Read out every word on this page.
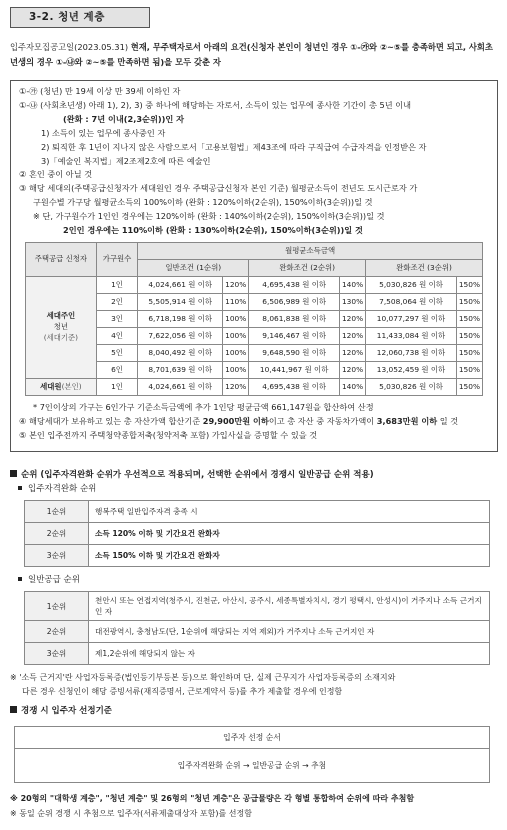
3-2. 청년 계층
입주자모집공고일(2023.05.31) 현재, 무주택자로서 아래의 요건(신청자 본인이 청년인 경우 ①-㉮와 ②~⑤를 충족하면 되고, 사회초년생의 경우 ①-㉯와 ②~⑤를 만족하면 됨)을 모두 갖춘 자
①-㉮ (청년) 만 19세 이상 만 39세 이하인 자
①-㉯ (사회초년생) 아래 1), 2), 3) 중 하나에 해당하는 자로서, 소득이 있는 업무에 종사한 기간이 총 5년 이내
(완화 : 7년 이내(2,3순위))인 자
1) 소득이 있는 업무에 종사중인 자
2) 퇴직한 후 1년이 지나지 않은 사람으로서「고용보험법」제43조에 따라 구직급여 수급자격을 인정받은 자
3)「예술인 복지법」제2조제2호에 따른 예술인
② 혼인 중이 아닐 것
③ 해당 세대의(주택공급신청자가 세대원인 경우 주택공급신청자 본인 기준) 월평균소득이 전년도 도시근로자 가
구원수별 가구당 월평균소득의 100%이하 (완화 : 120%이하(2순위), 150%이하(3순위))일 것
※ 단, 가구원수가 1인인 경우에는 120%이하 (완화 : 140%이하(2순위), 150%이하(3순위))일 것
2인인 경우에는 110%이하 (완화 : 130%이하(2순위), 150%이하(3순위))일 것
주택공급 신청자	가구원수	월평균소득금액					
		일반조건 (1순위)		완화조건 (2순위)		완화조건 (3순위)	
세대주인
청년
(세대기준)	1인	4,024,661 원 이하	120%	4,695,438 원 이하	140%	5,030,826 원 이하	150%
	2인	5,505,914 원 이하	110%	6,506,989 원 이하	130%	7,508,064 원 이하	150%
	3인	6,718,198 원 이하	100%	8,061,838 원 이하	120%	10,077,297 원 이하	150%
	4인	7,622,056 원 이하	100%	9,146,467 원 이하	120%	11,433,084 원 이하	150%
	5인	8,040,492 원 이하	100%	9,648,590 원 이하	120%	12,060,738 원 이하	150%
	6인	8,701,639 원 이하	100%	10,441,967 원 이하	120%	13,052,459 원 이하	150%
세대원(본인)	1인	4,024,661 원 이하	120%	4,695,438 원 이하	140%	5,030,826 원 이하	150%
* 7인이상의 가구는 6인가구 기준소득금액에 추가 1인당 평균금액 661,147원을 합산하여 산정
④ 해당세대가 보유하고 있는 총 자산가액 합산기준 29,900만원 이하이고 총 자산 중 자동차가액이 3,683만원 이하 일 것
⑤ 본인 입주전까지 주택청약종합저축(청약저축 포함) 가입사실을 증명할 수 있을 것
순위 (입주자격완화 순위가 우선적으로 적용되며, 선택한 순위에서 경쟁시 일반공급 순위 적용)
입주자격완화 순위
1순위	행복주택 일반입주자격 충족 시
2순위	소득 120% 이하 및 기간요건 완화자
3순위	소득 150% 이하 및 기간요건 완화자
일반공급 순위
1순위	천안시 또는 연접지역(청주시, 진천군, 아산시, 공주시, 세종특별자치시, 경기 평택시, 안성시)이 거주지나 소득 근거지인 자
2순위	대전광역시, 충청남도(단, 1순위에 해당되는 지역 제외)가 거주지나 소득 근거지인 자
3순위	제1,2순위에 해당되지 않는 자
※ '소득 근거지'란 사업자등록증(법인등기부등본 등)으로 확인하며 단, 실제 근무지가 사업자등록증의 소재지와
다른 경우 신청인이 해당 증빙서류(재직증명서, 근로계약서 등)를 추가 제출할 경우에 인정함
경쟁 시 입주자 선정기준
입주자 선정 순서
입주자격완화 순위 → 일반공급 순위 → 추첨
※ 20형의 "대학생 계층", "청년 계층" 및 26형의 "청년 계층"은 공급물량은 각 형별 통합하여 순위에 따라 추첨함
※ 동일 순위 경쟁 시 추첨으로 입주자(서류제출대상자 포함)를 선정함
